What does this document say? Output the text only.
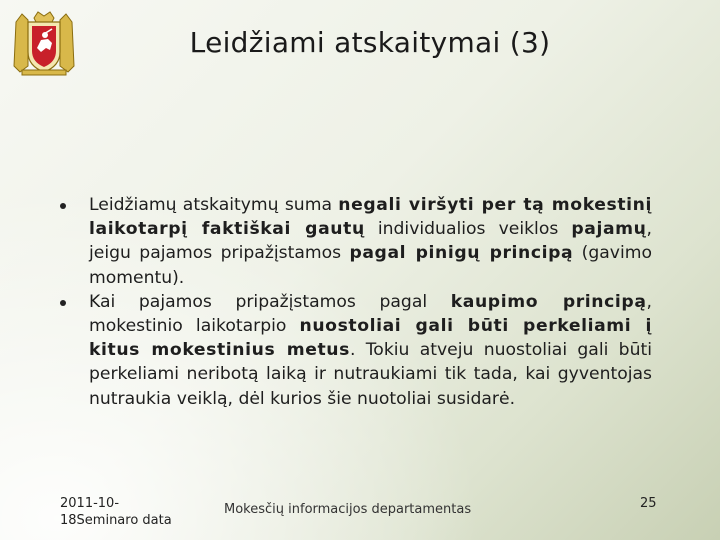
Leidžiami atskaitymai (3)
Leidžiamų atskaitymų suma negali viršyti per tą mokestinį laikotarpį faktiškai gautų individualios veiklos pajamų, jeigu pajamos pripažįstamos pagal pinigų principą (gavimo momentu).
Kai pajamos pripažįstamos pagal kaupimo principą, mokestinio laikotarpio nuostoliai gali būti perkeliami į kitus mokestinius metus. Tokiu atveju nuostoliai gali būti perkeliami neribotą laiką ir nutraukiami tik tada, kai gyventojas nutraukia veiklą, dėl kurios šie nuotoliai susidarė.
2011-10-
18Seminaro data
Mokesčių informacijos departamentas	25
